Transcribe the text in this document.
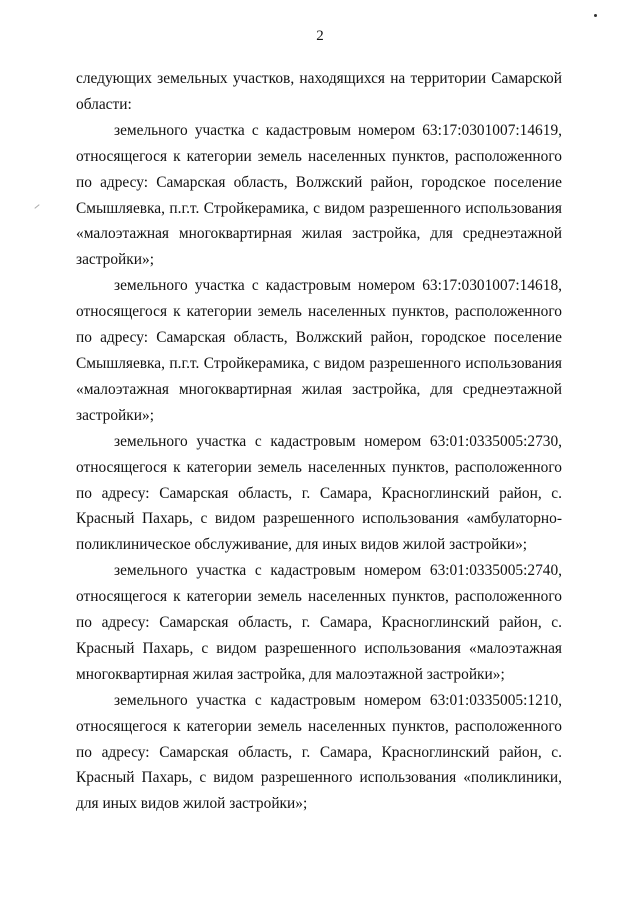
2

следующих земельных участков, находящихся на территории Самарской области:

земельного участка с кадастровым номером 63:17:0301007:14619, относящегося к категории земель населенных пунктов, расположенного по адресу: Самарская область, Волжский район, городское поселение Смышляевка, п.г.т. Стройкерамика, с видом разрешенного использования «малоэтажная многоквартирная жилая застройка, для среднеэтажной застройки»;

земельного участка с кадастровым номером 63:17:0301007:14618, относящегося к категории земель населенных пунктов, расположенного по адресу: Самарская область, Волжский район, городское поселение Смышляевка, п.г.т. Стройкерамика, с видом разрешенного использования «малоэтажная многоквартирная жилая застройка, для среднеэтажной застройки»;

земельного участка с кадастровым номером 63:01:0335005:2730, относящегося к категории земель населенных пунктов, расположенного по адресу: Самарская область, г. Самара, Красноглинский район, с. Красный Пахарь, с видом разрешенного использования «амбулаторно-поликлиническое обслуживание, для иных видов жилой застройки»;

земельного участка с кадастровым номером 63:01:0335005:2740, относящегося к категории земель населенных пунктов, расположенного по адресу: Самарская область, г. Самара, Красноглинский район, с. Красный Пахарь, с видом разрешенного использования «малоэтажная многоквартирная жилая застройка, для малоэтажной застройки»;

земельного участка с кадастровым номером 63:01:0335005:1210, относящегося к категории земель населенных пунктов, расположенного по адресу: Самарская область, г. Самара, Красноглинский район, с. Красный Пахарь, с видом разрешенного использования «поликлиники, для иных видов жилой застройки»;
